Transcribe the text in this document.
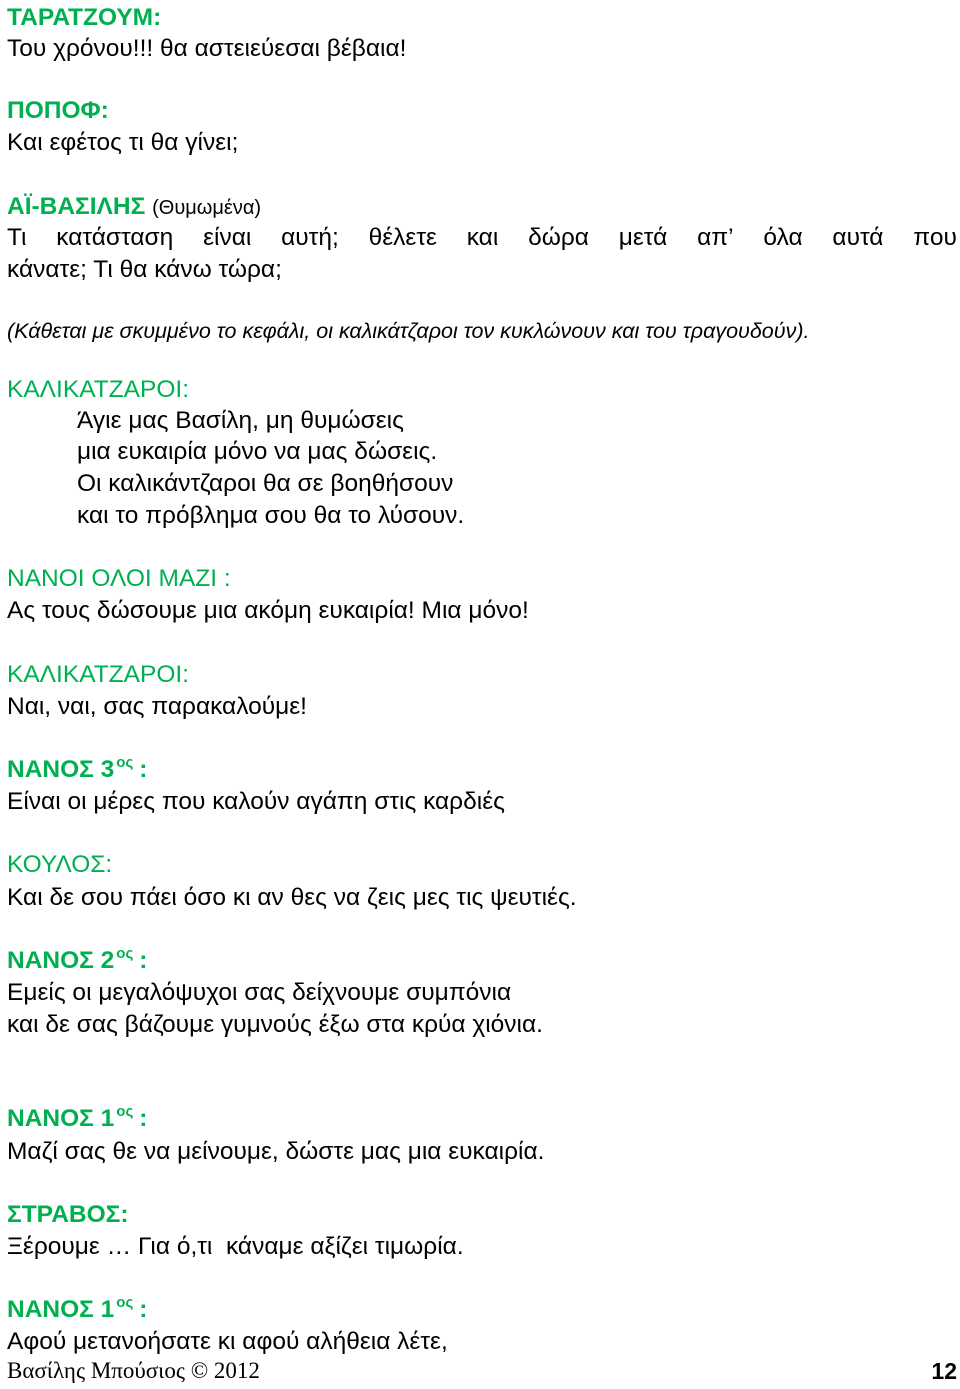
ΤΑΡΑΤΖΟΥΜ:
Του χρόνου!!! θα αστειεύεσαι βέβαια!
ΠΟΠΟΦ:
Και εφέτος τι θα γίνει;
ΑΪ-ΒΑΣΙΛΗΣ (Θυμωμένα)
Τι κατάσταση είναι αυτή; θέλετε και δώρα μετά απ’ όλα αυτά που
κάνατε; Τι θα κάνω τώρα;
(Κάθεται με σκυμμένο το κεφάλι, οι καλικάτζαροι τον κυκλώνουν και του τραγουδούν).
ΚΑΛΙΚΑΤΖΑΡΟΙ:
Άγιε μας Βασίλη, μη θυμώσεις
μια ευκαιρία μόνο να μας δώσεις.
Οι καλικάντζαροι θα σε βοηθήσουν
και το πρόβλημα σου θα το λύσουν.
ΝΑΝΟΙ ΟΛΟΙ ΜΑΖΙ :
Ας τους δώσουμε μια ακόμη ευκαιρία! Μια μόνο!
ΚΑΛΙΚΑΤΖΑΡΟΙ:
Ναι, ναι, σας παρακαλούμε!
ΝΑΝΟΣ 3 $^{o\varsigma}$ :
Είναι οι μέρες που καλούν αγάπη στις καρδιές
ΚΟΥΛΟΣ:
Και δε σου πάει όσο κι αν θες να ζεις μες τις ψευτιές.
ΝΑΝΟΣ 2 $^{o\varsigma}$ :
Εμείς οι μεγαλόψυχοι σας δείχνουμε συμπόνια
και δε σας βάζουμε γυμνούς έξω στα κρύα χιόνια.
ΝΑΝΟΣ 1 $^{o\varsigma}$ :
Μαζί σας θε να μείνουμε, δώστε μας μια ευκαιρία.
ΣΤΡΑΒΟΣ:
Ξέρουμε … Για ό,τι  κάναμε αξίζει τιμωρία.
ΝΑΝΟΣ 1 $^{o\varsigma}$ :
Αφού μετανοήσατε κι αφού αλήθεια λέτε,
Βασίλης Μπούσιος © 2012	12
